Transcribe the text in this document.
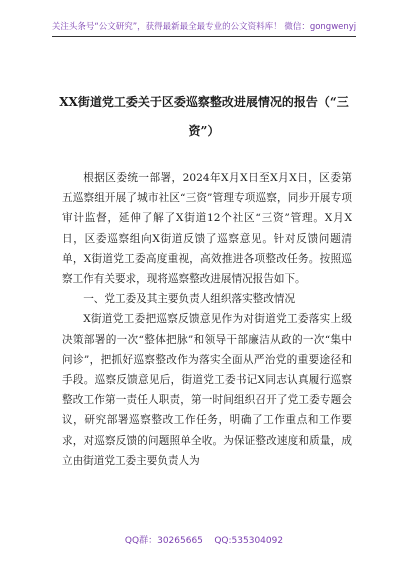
关注头条号“公文研究”，获得最新最全最专业的公文资料库！ 微信：gongwenyj
XX街道党工委关于区委巡察整改进展情况的报告（“三
资”）

根据区委统一部署，2024年X月X日至X月X日，区委第五巡察组开展了城市社区“三资”管理专项巡察，同步开展专项审计监督，延伸了解了X街道12个社区“三资”管理。X月X日，区委巡察组向X街道反馈了巡察意见。针对反馈问题清单，X街道党工委高度重视，高效推进各项整改任务。按照巡察工作有关要求，现将巡察整改进展情况报告如下。

一、党工委及其主要负责人组织落实整改情况

X街道党工委把巡察反馈意见作为对街道党工委落实上级决策部署的一次“整体把脉”和领导干部廉洁从政的一次“集中问诊”，把抓好巡察整改作为落实全面从严治党的重要途径和手段。巡察反馈意见后，街道党工委书记X同志认真履行巡察整改工作第一责任人职责，第一时间组织召开了党工委专题会议，研究部署巡察整改工作任务，明确了工作重点和工作要求，对巡察反馈的问题照单全收。为保证整改速度和质量，成立由街道党工委主要负责人为

QQ群：30265665    QQ:535304092
